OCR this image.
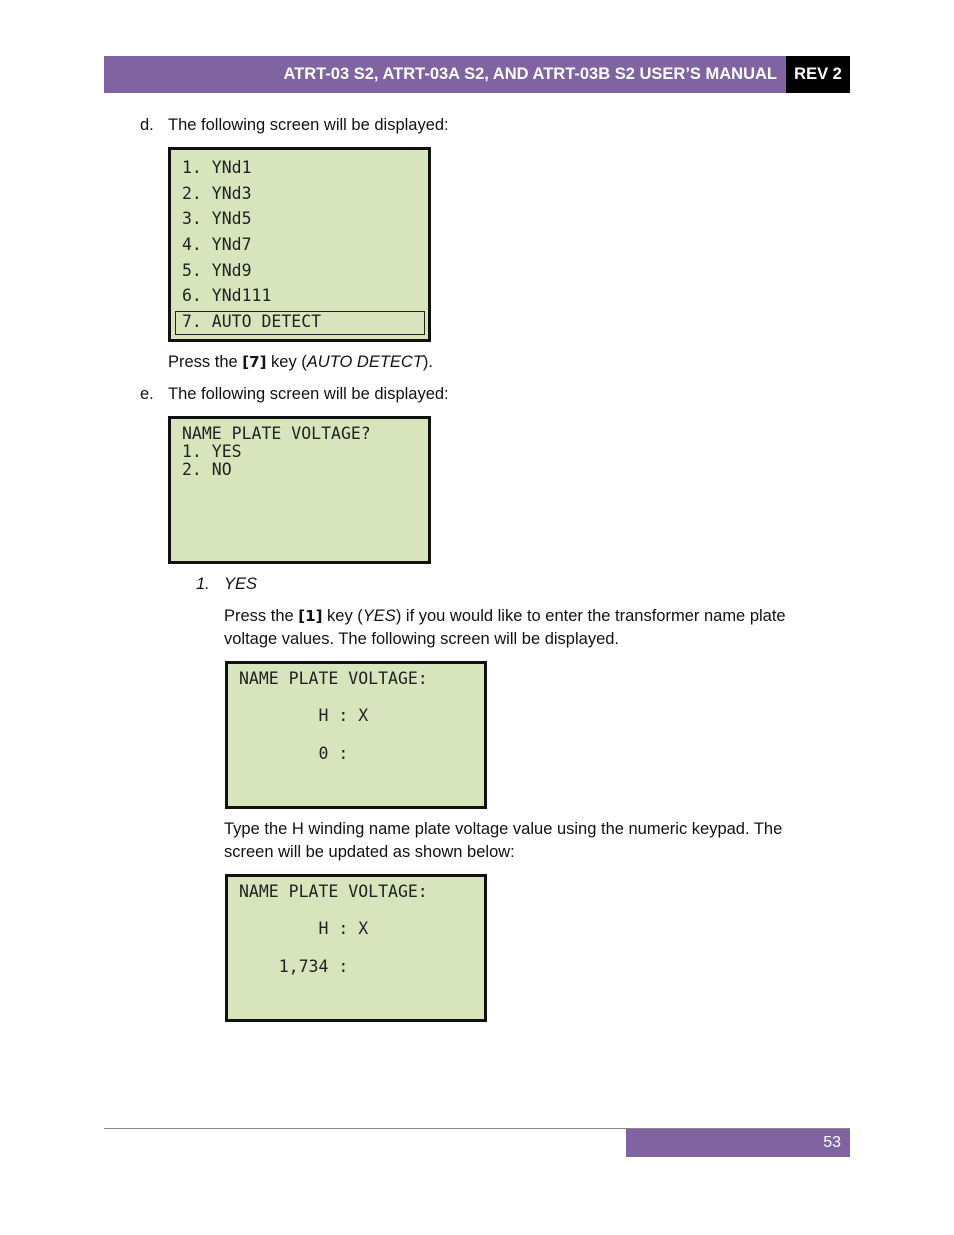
ATRT-03 S2, ATRT-03A S2, AND ATRT-03B S2 USER’S MANUAL REV 2
d. The following screen will be displayed:

1. YNd1

2. YNd3

3. YNd5

4. YNd7

5. YNd9

6. YNd111

7. AUTO DETECT

Press the [7] key (AUTO DETECT).
e. The following screen will be displayed:

NAME PLATE VOLTAGE?

1. YES

2. NO

1. YES
Press the [1] key (YES) if you would like to enter the transformer name plate
voltage values. The following screen will be displayed.

NAME PLATE VOLTAGE:

H : X

0 :

Type the H winding name plate voltage value using the numeric keypad. The
screen will be updated as shown below:

NAME PLATE VOLTAGE:

H : X

1,734 :

53
